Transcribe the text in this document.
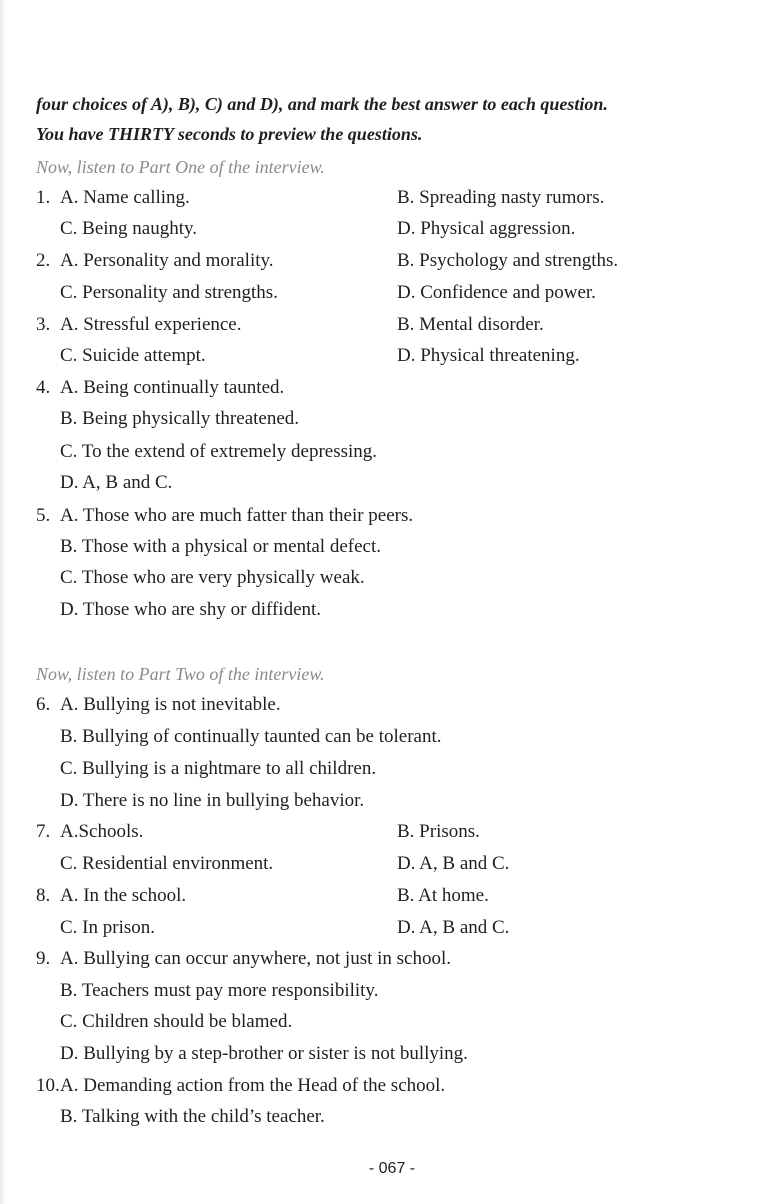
four choices of A), B), C) and D), and mark the best answer to each question.
You have THIRTY seconds to preview the questions.
Now, listen to Part One of the interview.
1. A. Name calling.	B. Spreading nasty rumors.
C. Being naughty.	D. Physical aggression.
2. A. Personality and morality.	B. Psychology and strengths.
C. Personality and strengths.	D. Confidence and power.
3. A. Stressful experience.	B. Mental disorder.
C. Suicide attempt.	D. Physical threatening.
4. A. Being continually taunted.
B. Being physically threatened.
C. To the extend of extremely depressing.
D. A, B and C.
5. A. Those who are much fatter than their peers.
B. Those with a physical or mental defect.
C. Those who are very physically weak.
D. Those who are shy or diffident.
Now, listen to Part Two of the interview.
6. A. Bullying is not inevitable.
B. Bullying of continually taunted can be tolerant.
C. Bullying is a nightmare to all children.
D. There is no line in bullying behavior.
7. A.Schools.	B. Prisons.
C. Residential environment.	D. A, B and C.
8. A. In the school.	B. At home.
C. In prison.	D. A, B and C.
9. A. Bullying can occur anywhere, not just in school.
B. Teachers must pay more responsibility.
C. Children should be blamed.
D. Bullying by a step-brother or sister is not bullying.
10. A. Demanding action from the Head of the school.
B. Talking with the child’s teacher.
- 067 -
